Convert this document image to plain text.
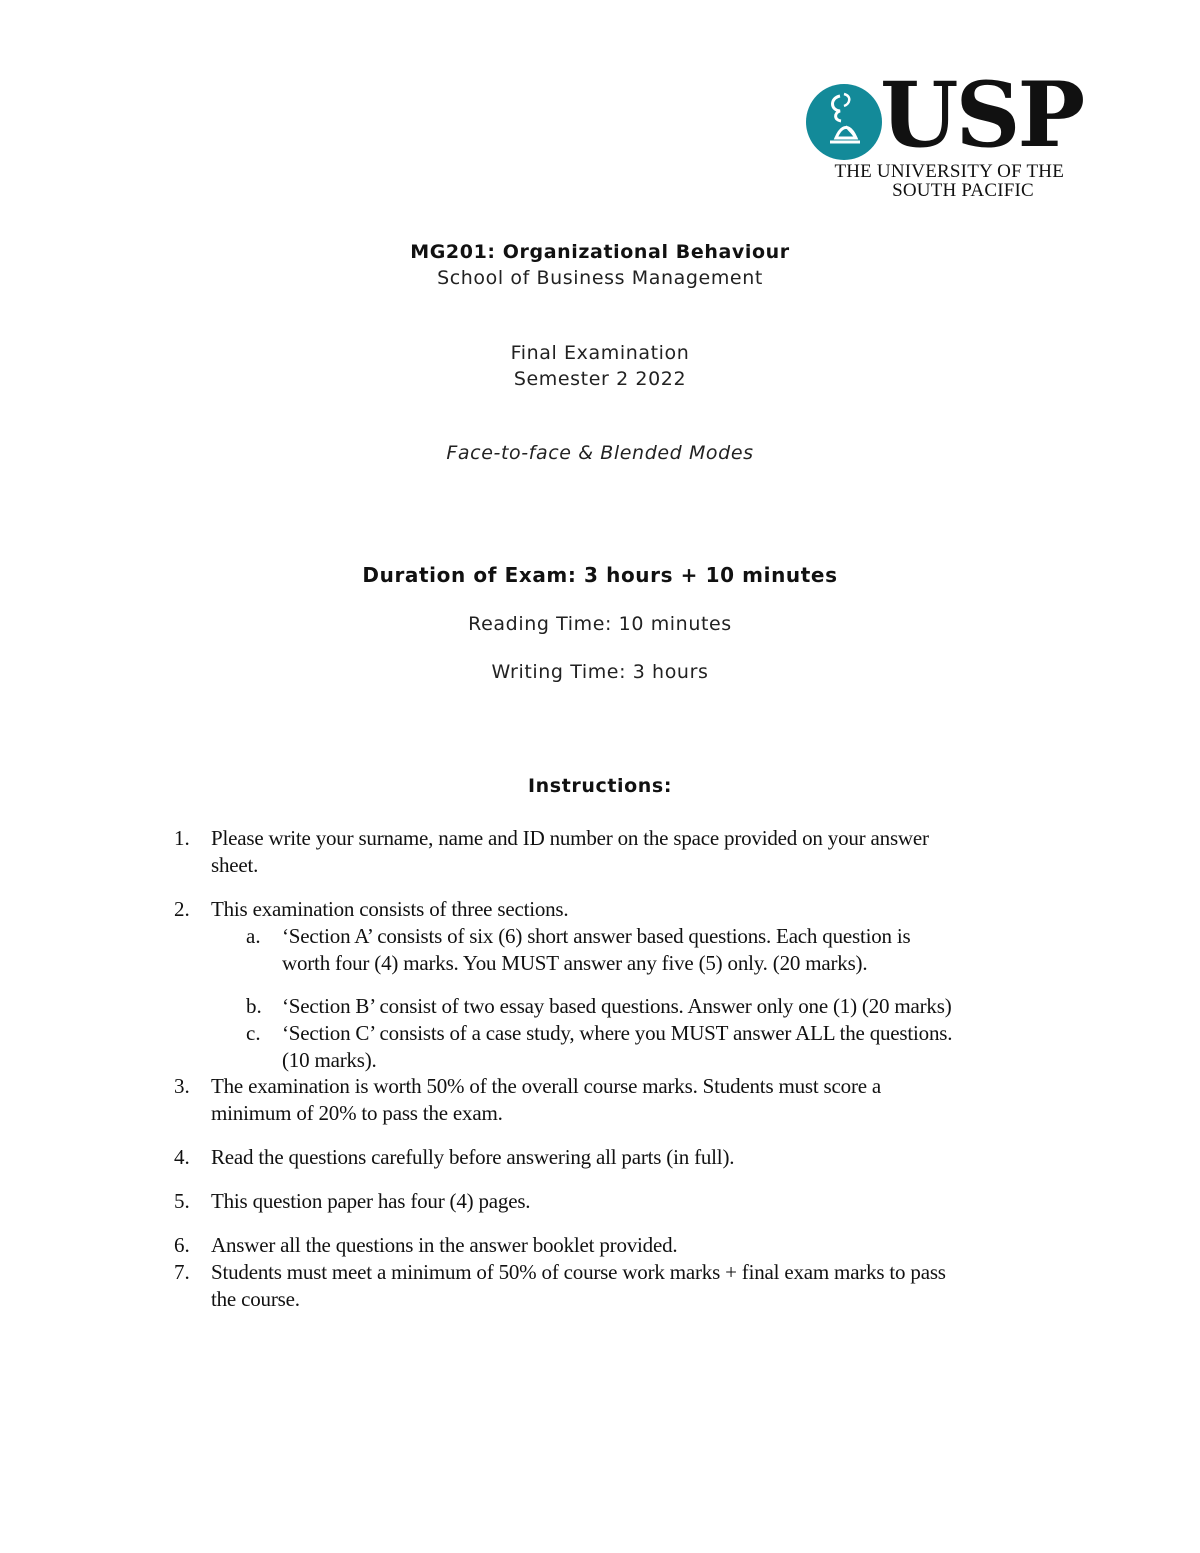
USP
THE UNIVERSITY OF THE
SOUTH PACIFIC
MG201: Organizational Behaviour
School of Business Management
Final Examination
Semester 2 2022
Face-to-face & Blended Modes
Duration of Exam: 3 hours + 10 minutes
Reading Time: 10 minutes
Writing Time: 3 hours
Instructions:
1. Please write your surname, name and ID number on the space provided on your answer
sheet.
2. This examination consists of three sections.
a. ‘Section A’ consists of six (6) short answer based questions. Each question is
worth four (4) marks. You MUST answer any five (5) only. (20 marks).
b. ‘Section B’ consist of two essay based questions. Answer only one (1) (20 marks)
c. ‘Section C’ consists of a case study, where you MUST answer ALL the questions.
(10 marks).
3. The examination is worth 50% of the overall course marks. Students must score a
minimum of 20% to pass the exam.
4. Read the questions carefully before answering all parts (in full).
5. This question paper has four (4) pages.
6. Answer all the questions in the answer booklet provided.
7. Students must meet a minimum of 50% of course work marks + final exam marks to pass
the course.
